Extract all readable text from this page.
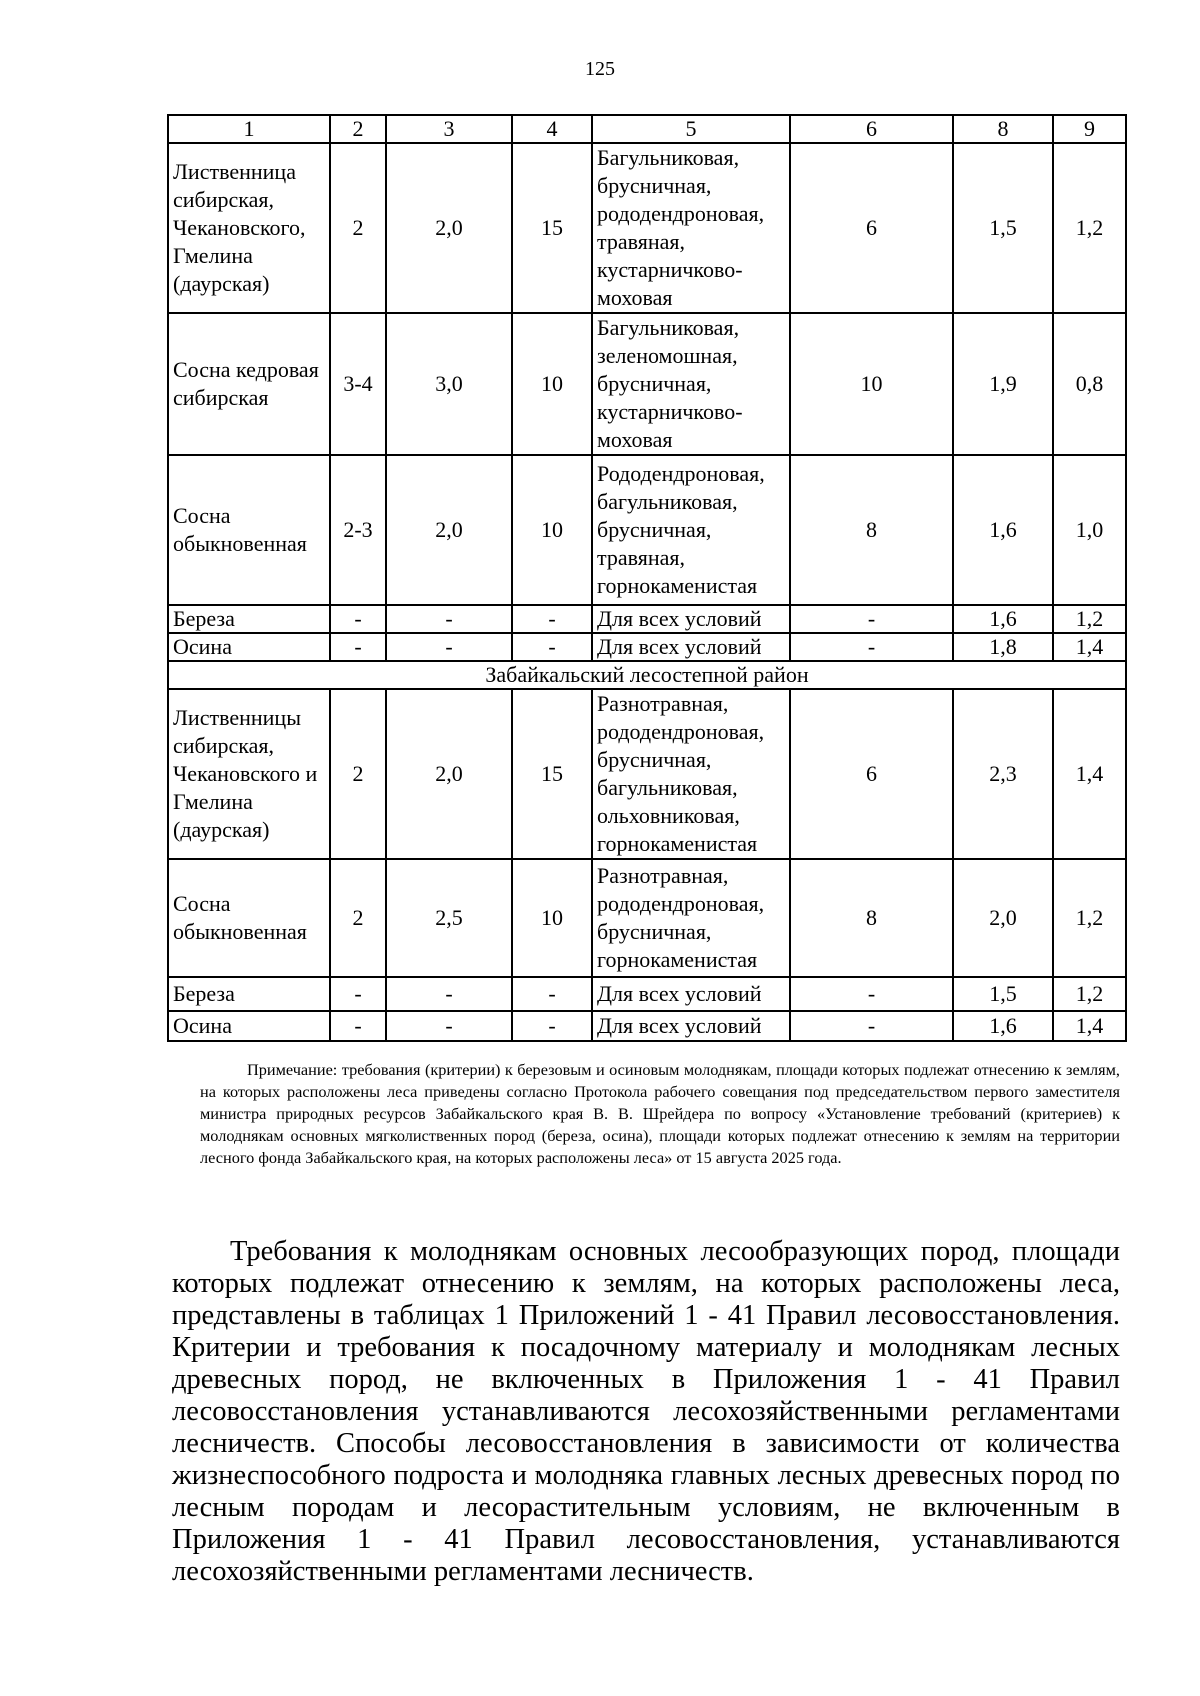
125
1	2	3	4	5	6	8	9
Лиственница сибирская, Чекановского, Гмелина (даурская)	2	2,0	15	Багульниковая, брусничная, рододендроновая, травяная, кустарничково-моховая	6	1,5	1,2
Сосна кедровая сибирская	3-4	3,0	10	Багульниковая, зеленомошная, брусничная, кустарничково-моховая	10	1,9	0,8
Сосна обыкновенная	2-3	2,0	10	Рододендроновая, багульниковая, брусничная, травяная, горнокаменистая	8	1,6	1,0
Береза	-	-	-	Для всех условий	-	1,6	1,2
Осина	-	-	-	Для всех условий	-	1,8	1,4
Забайкальский лесостепной район							
Лиственницы сибирская, Чекановского и Гмелина (даурская)	2	2,0	15	Разнотравная, рододендроновая, брусничная, багульниковая, ольховниковая, горнокаменистая	6	2,3	1,4
Сосна обыкновенная	2	2,5	10	Разнотравная, рододендроновая, брусничная, горнокаменистая	8	2,0	1,2
Береза	-	-	-	Для всех условий	-	1,5	1,2
Осина	-	-	-	Для всех условий	-	1,6	1,4

Примечание: требования (критерии) к березовым и осиновым молоднякам, площади которых подлежат отнесению к землям, на которых расположены леса приведены согласно Протокола рабочего совещания под председательством первого заместителя министра природных ресурсов Забайкальского края В. В. Шрейдера по вопросу «Установление требований (критериев) к молоднякам основных мягколиственных пород (береза, осина), площади которых подлежат отнесению к землям на территории лесного фонда Забайкальского края, на которых расположены леса» от 15 августа 2025 года.

Требования к молоднякам основных лесообразующих пород, площади которых подлежат отнесению к землям, на которых расположены леса, представлены в таблицах 1 Приложений 1 - 41 Правил лесовосстановления. Критерии и требования к посадочному материалу и молоднякам лесных древесных пород, не включенных в Приложения 1 - 41 Правил лесовосстановления устанавливаются лесохозяйственными регламентами лесничеств. Способы лесовосстановления в зависимости от количества жизнеспособного подроста и молодняка главных лесных древесных пород по лесным породам и лесорастительным условиям, не включенным в Приложения 1 - 41 Правил лесовосстановления, устанавливаются лесохозяйственными регламентами лесничеств.
